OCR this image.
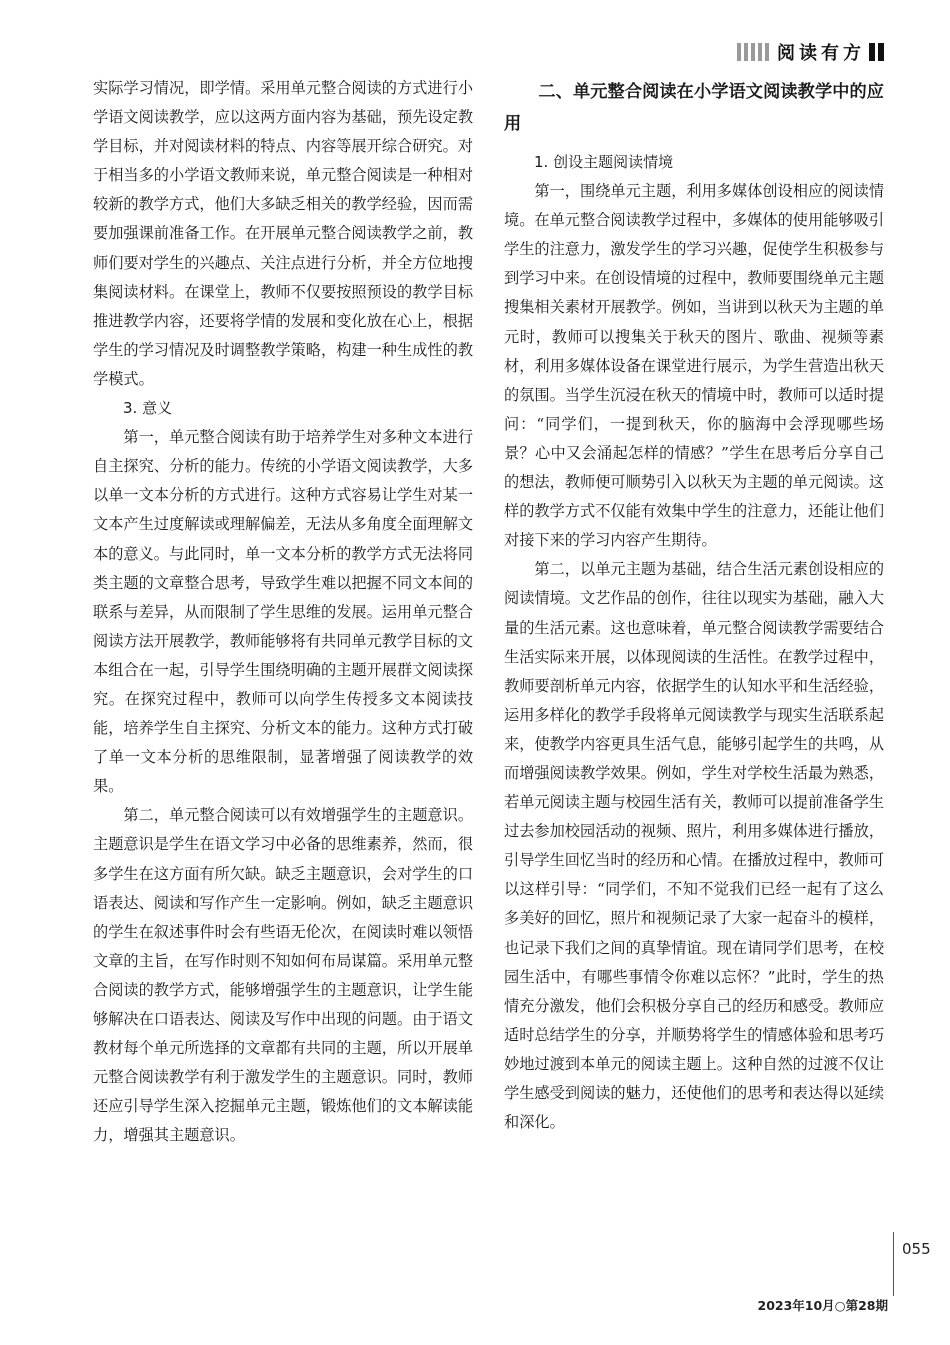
阅读有方

实际学习情况，即学情。采用单元整合阅读的方式进行小学语文阅读教学，应以这两方面内容为基础，预先设定教学目标，并对阅读材料的特点、内容等展开综合研究。对于相当多的小学语文教师来说，单元整合阅读是一种相对较新的教学方式，他们大多缺乏相关的教学经验，因而需要加强课前准备工作。在开展单元整合阅读教学之前，教师们要对学生的兴趣点、关注点进行分析，并全方位地搜集阅读材料。在课堂上，教师不仅要按照预设的教学目标推进教学内容，还要将学情的发展和变化放在心上，根据学生的学习情况及时调整教学策略，构建一种生成性的教学模式。

3. 意义

第一，单元整合阅读有助于培养学生对多种文本进行自主探究、分析的能力。传统的小学语文阅读教学，大多以单一文本分析的方式进行。这种方式容易让学生对某一文本产生过度解读或理解偏差，无法从多角度全面理解文本的意义。与此同时，单一文本分析的教学方式无法将同类主题的文章整合思考，导致学生难以把握不同文本间的联系与差异，从而限制了学生思维的发展。运用单元整合阅读方法开展教学，教师能够将有共同单元教学目标的文本组合在一起，引导学生围绕明确的主题开展群文阅读探究。在探究过程中，教师可以向学生传授多文本阅读技能，培养学生自主探究、分析文本的能力。这种方式打破了单一文本分析的思维限制，显著增强了阅读教学的效果。

第二，单元整合阅读可以有效增强学生的主题意识。主题意识是学生在语文学习中必备的思维素养，然而，很多学生在这方面有所欠缺。缺乏主题意识，会对学生的口语表达、阅读和写作产生一定影响。例如，缺乏主题意识的学生在叙述事件时会有些语无伦次，在阅读时难以领悟文章的主旨，在写作时则不知如何布局谋篇。采用单元整合阅读的教学方式，能够增强学生的主题意识，让学生能够解决在口语表达、阅读及写作中出现的问题。由于语文教材每个单元所选择的文章都有共同的主题，所以开展单元整合阅读教学有利于激发学生的主题意识。同时，教师还应引导学生深入挖掘单元主题，锻炼他们的文本解读能力，增强其主题意识。

二、单元整合阅读在小学语文阅读教学中的应用

1. 创设主题阅读情境

第一，围绕单元主题，利用多媒体创设相应的阅读情境。在单元整合阅读教学过程中，多媒体的使用能够吸引学生的注意力，激发学生的学习兴趣，促使学生积极参与到学习中来。在创设情境的过程中，教师要围绕单元主题搜集相关素材开展教学。例如，当讲到以秋天为主题的单元时，教师可以搜集关于秋天的图片、歌曲、视频等素材，利用多媒体设备在课堂进行展示，为学生营造出秋天的氛围。当学生沉浸在秋天的情境中时，教师可以适时提问：“同学们，一提到秋天，你的脑海中会浮现哪些场景？心中又会涌起怎样的情感？”学生在思考后分享自己的想法，教师便可顺势引入以秋天为主题的单元阅读。这样的教学方式不仅能有效集中学生的注意力，还能让他们对接下来的学习内容产生期待。

第二，以单元主题为基础，结合生活元素创设相应的阅读情境。文艺作品的创作，往往以现实为基础，融入大量的生活元素。这也意味着，单元整合阅读教学需要结合生活实际来开展，以体现阅读的生活性。在教学过程中，教师要剖析单元内容，依据学生的认知水平和生活经验，运用多样化的教学手段将单元阅读教学与现实生活联系起来，使教学内容更具生活气息，能够引起学生的共鸣，从而增强阅读教学效果。例如，学生对学校生活最为熟悉，若单元阅读主题与校园生活有关，教师可以提前准备学生过去参加校园活动的视频、照片，利用多媒体进行播放，引导学生回忆当时的经历和心情。在播放过程中，教师可以这样引导：“同学们，不知不觉我们已经一起有了这么多美好的回忆，照片和视频记录了大家一起奋斗的模样，也记录下我们之间的真挚情谊。现在请同学们思考，在校园生活中，有哪些事情令你难以忘怀？”此时，学生的热情充分激发，他们会积极分享自己的经历和感受。教师应适时总结学生的分享，并顺势将学生的情感体验和思考巧妙地过渡到本单元的阅读主题上。这种自然的过渡不仅让学生感受到阅读的魅力，还使他们的思考和表达得以延续和深化。

055
2023年10月○第28期
